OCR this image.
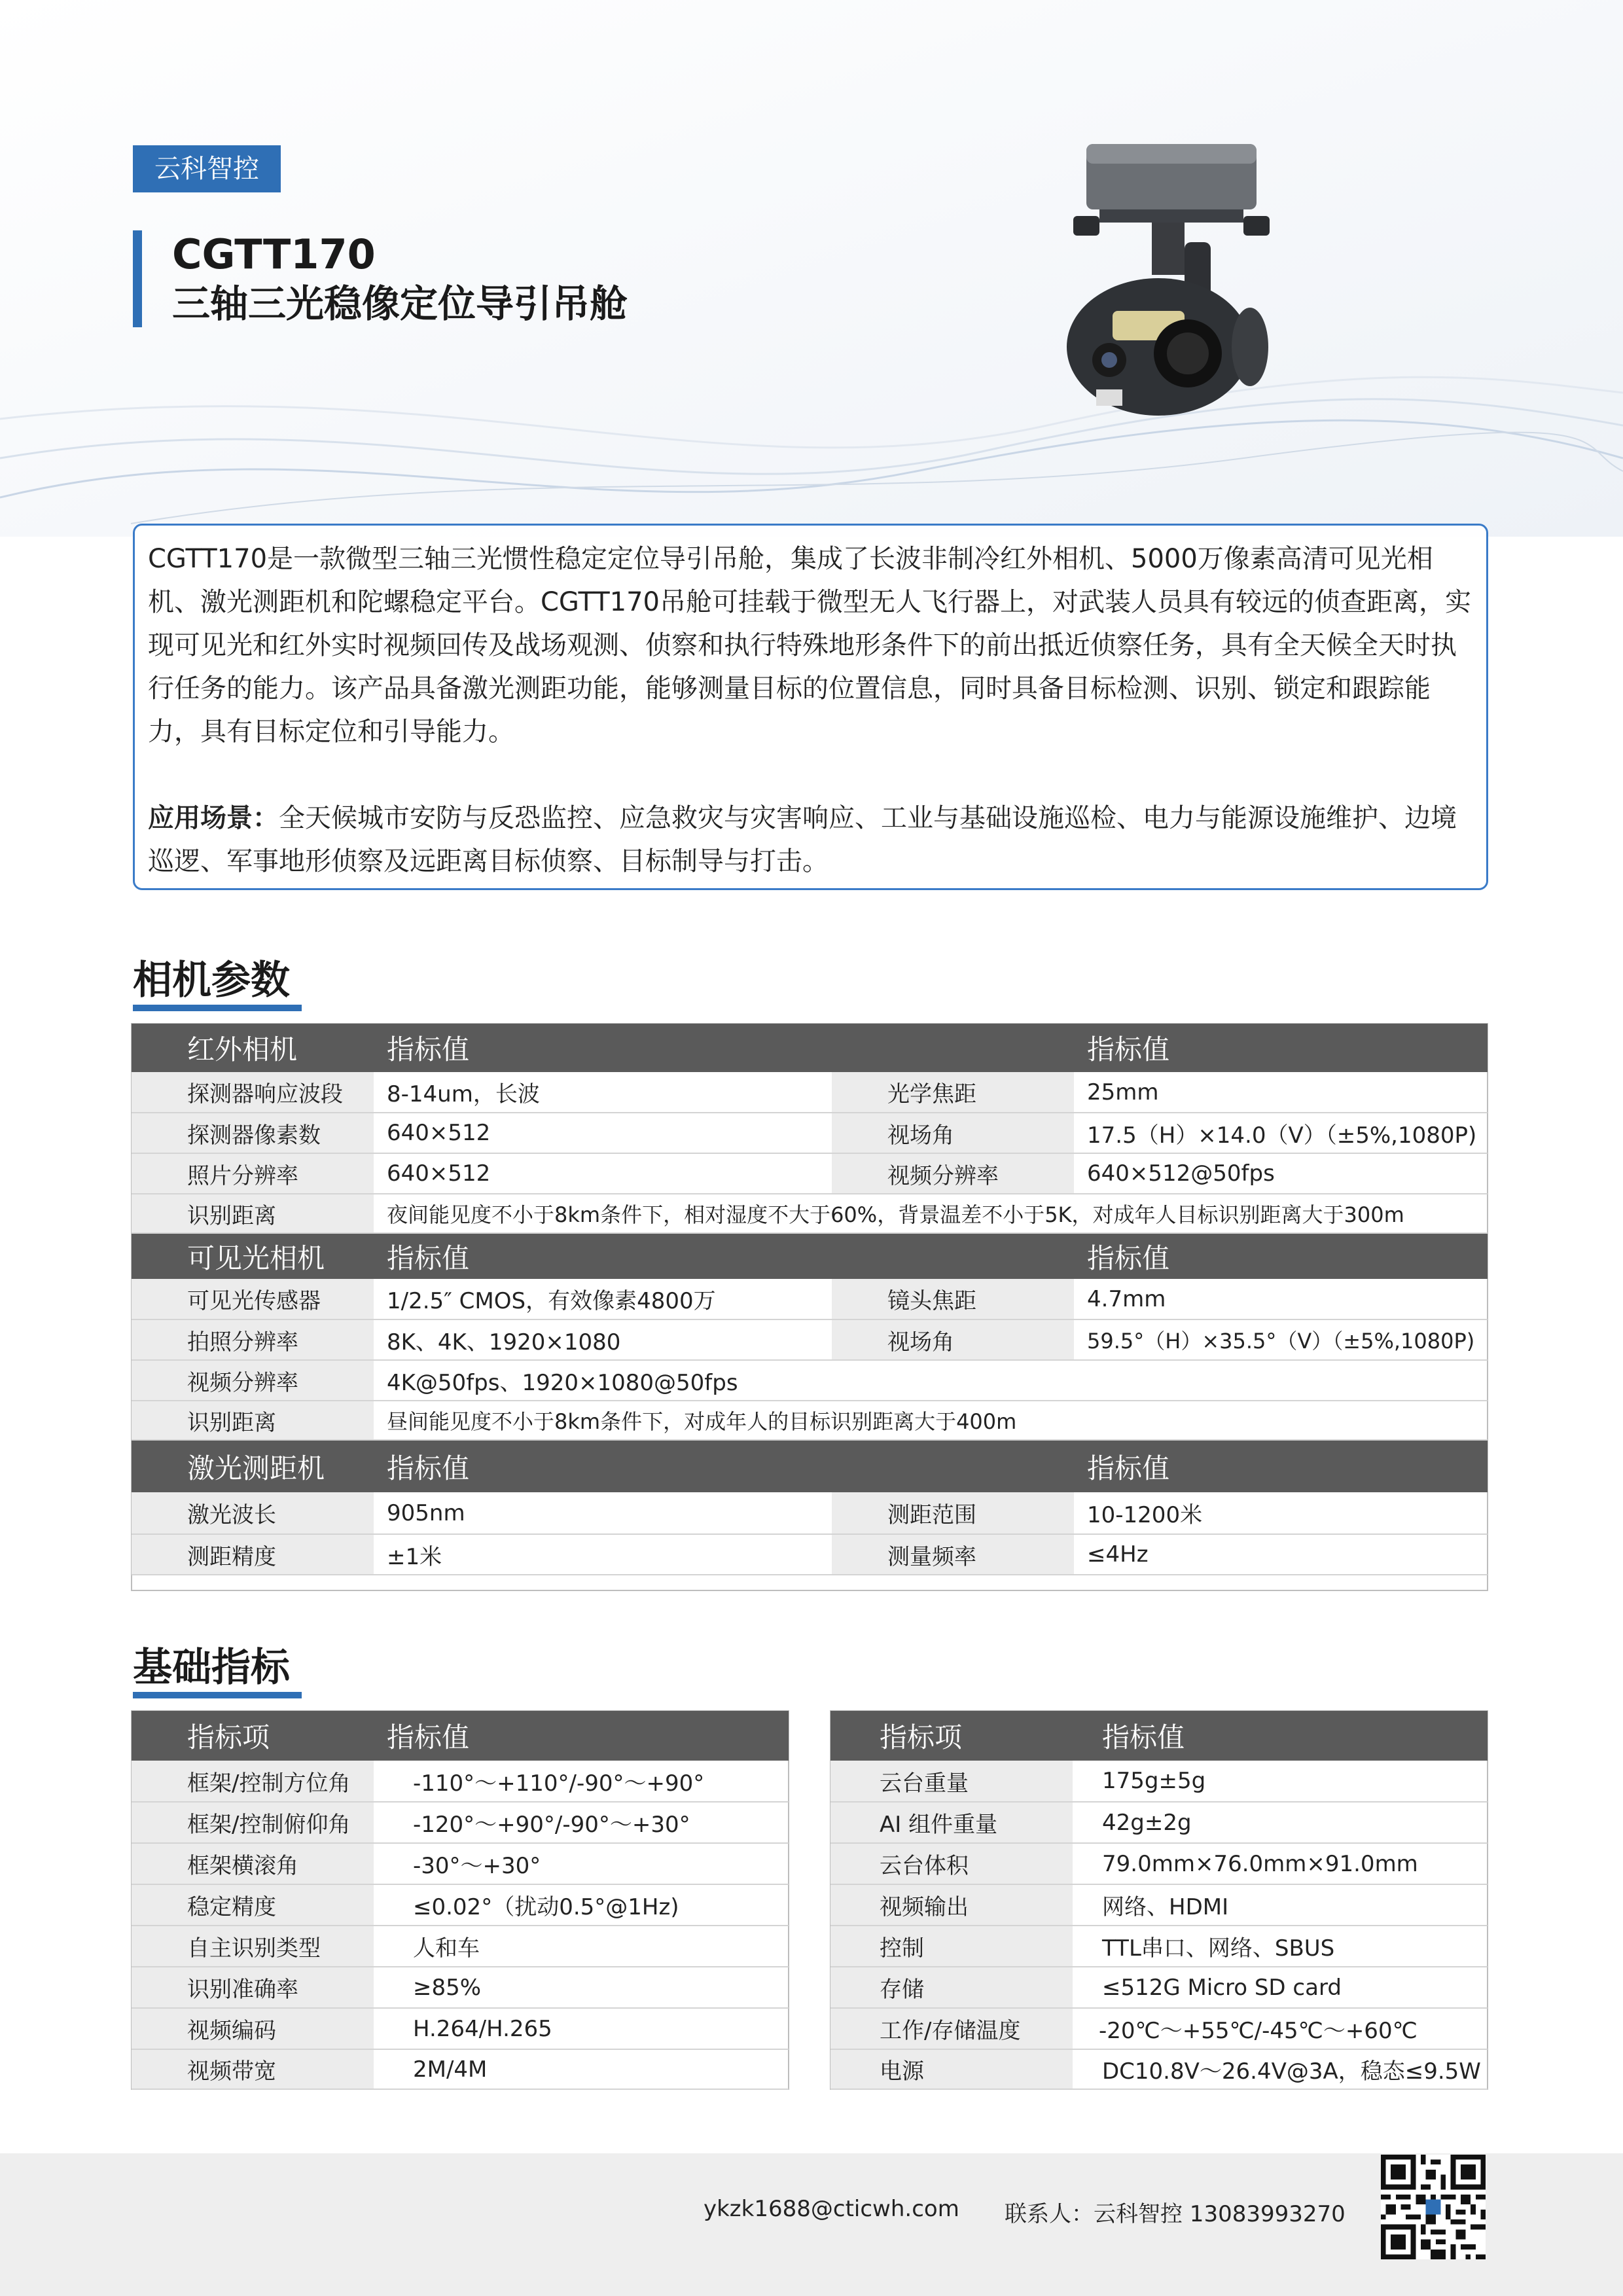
云科智控
CGTT170
三轴三光稳像定位导引吊舱

CGTT170是一款微型三轴三光惯性稳定定位导引吊舱，集成了长波非制冷红外相机、5000万像素高清可见光相机、激光测距机和陀螺稳定平台。CGTT170吊舱可挂载于微型无人飞行器上，对武装人员具有较远的侦查距离，实现可见光和红外实时视频回传及战场观测、侦察和执行特殊地形条件下的前出抵近侦察任务，具有全天候全天时执行任务的能力。该产品具备激光测距功能，能够测量目标的位置信息，同时具备目标检测、识别、锁定和跟踪能力，具有目标定位和引导能力。

应用场景：全天候城市安防与反恐监控、应急救灾与灾害响应、工业与基础设施巡检、电力与能源设施维护、边境巡逻、军事地形侦察及远距离目标侦察、目标制导与打击。

相机参数
红外相机	指标值		指标值
探测器响应波段	8-14um，长波	光学焦距	25mm
探测器像素数	640×512	视场角	17.5（H）×14.0（V）（±5%,1080P)
照片分辨率	640×512	视频分辨率	640×512@50fps
识别距离	夜间能见度不小于8km条件下，相对湿度不大于60%，背景温差不小于5K，对成年人目标识别距离大于300m		
可见光相机	指标值		指标值
可见光传感器	1/2.5″ CMOS，有效像素4800万	镜头焦距	4.7mm
拍照分辨率	8K、4K、1920×1080	视场角	59.5°（H）×35.5°（V）（±5%,1080P)
视频分辨率	4K@50fps、1920×1080@50fps		
识别距离	昼间能见度不小于8km条件下，对成年人的目标识别距离大于400m		
激光测距机	指标值		指标值
激光波长	905nm	测距范围	10-1200米
测距精度	±1米	测量频率	≤4Hz
基础指标
指标项	指标值
框架/控制方位角	-110°～+110°/-90°～+90°
框架/控制俯仰角	-120°～+90°/-90°～+30°
框架横滚角	-30°～+30°
稳定精度	≤0.02°（扰动0.5°@1Hz)
自主识别类型	人和车
识别准确率	≥85%
视频编码	H.264/H.265
视频带宽	2M/4M
指标项	指标值
云台重量	175g±5g
AI 组件重量	42g±2g
云台体积	79.0mm×76.0mm×91.0mm
视频输出	网络、HDMI
控制	TTL串口、网络、SBUS
存储	≤512G Micro SD card
工作/存储温度	-20℃～+55℃/-45℃～+60℃
电源	DC10.8V～26.4V@3A，稳态≤9.5W
ykzk1688@cticwh.com 联系人：云科智控 13083993270
